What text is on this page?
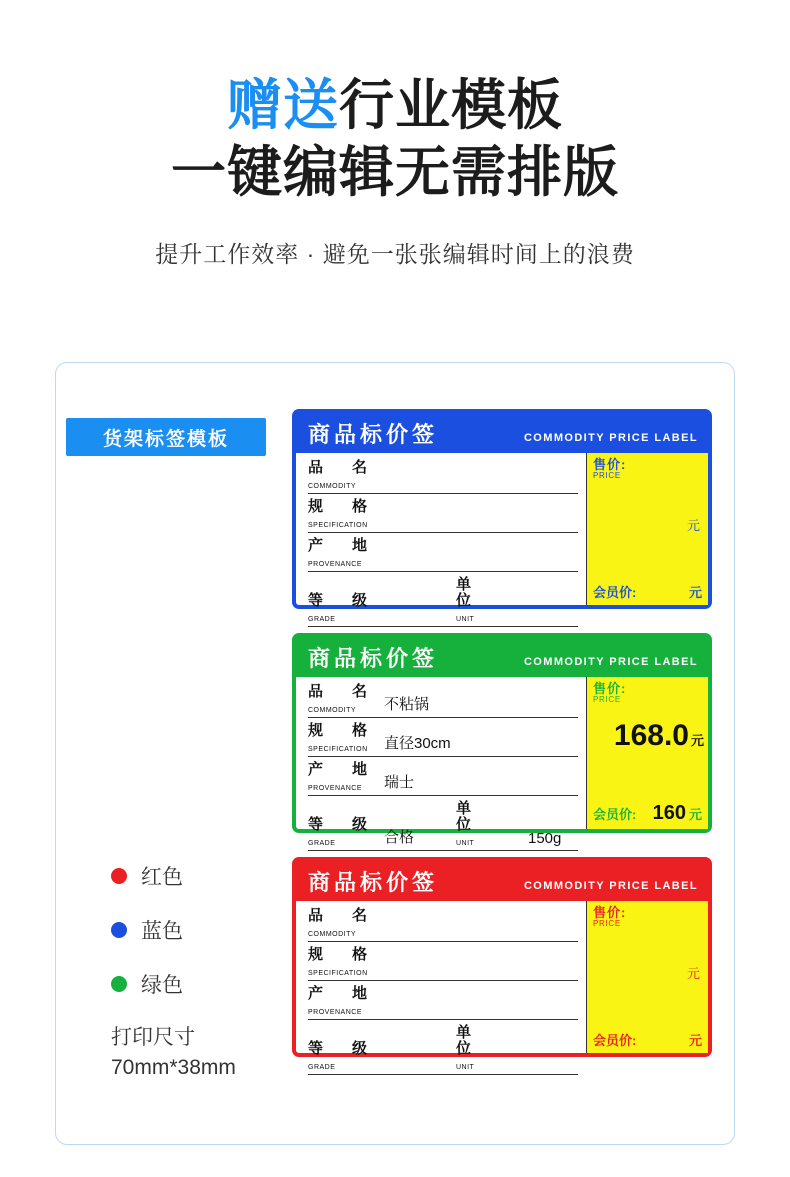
赠送行业模板
一键编辑无需排版
提升工作效率 · 避免一张张编辑时间上的浪费
货架标签模板
红色
蓝色
绿色
打印尺寸
70mm*38mm
商品标价签	COMMODITY PRICE LABEL
品　名
COMMODITY
规　格
SPECIFICATION
产　地
PROVENANCE
等　级
GRADE
单　位
UNIT
售价:
PRICE
元
会员价:	元
商品标价签	COMMODITY PRICE LABEL
品　名
COMMODITY	不粘锅
规　格
SPECIFICATION	直径30cm
产　地
PROVENANCE	瑞士
等　级
GRADE	合格
单　位
UNIT	150g
售价:
PRICE
168.0 元
会员价: 160 元
商品标价签	COMMODITY PRICE LABEL
品　名
COMMODITY
规　格
SPECIFICATION
产　地
PROVENANCE
等　级
GRADE
单　位
UNIT
售价:
PRICE
元
会员价:	元
